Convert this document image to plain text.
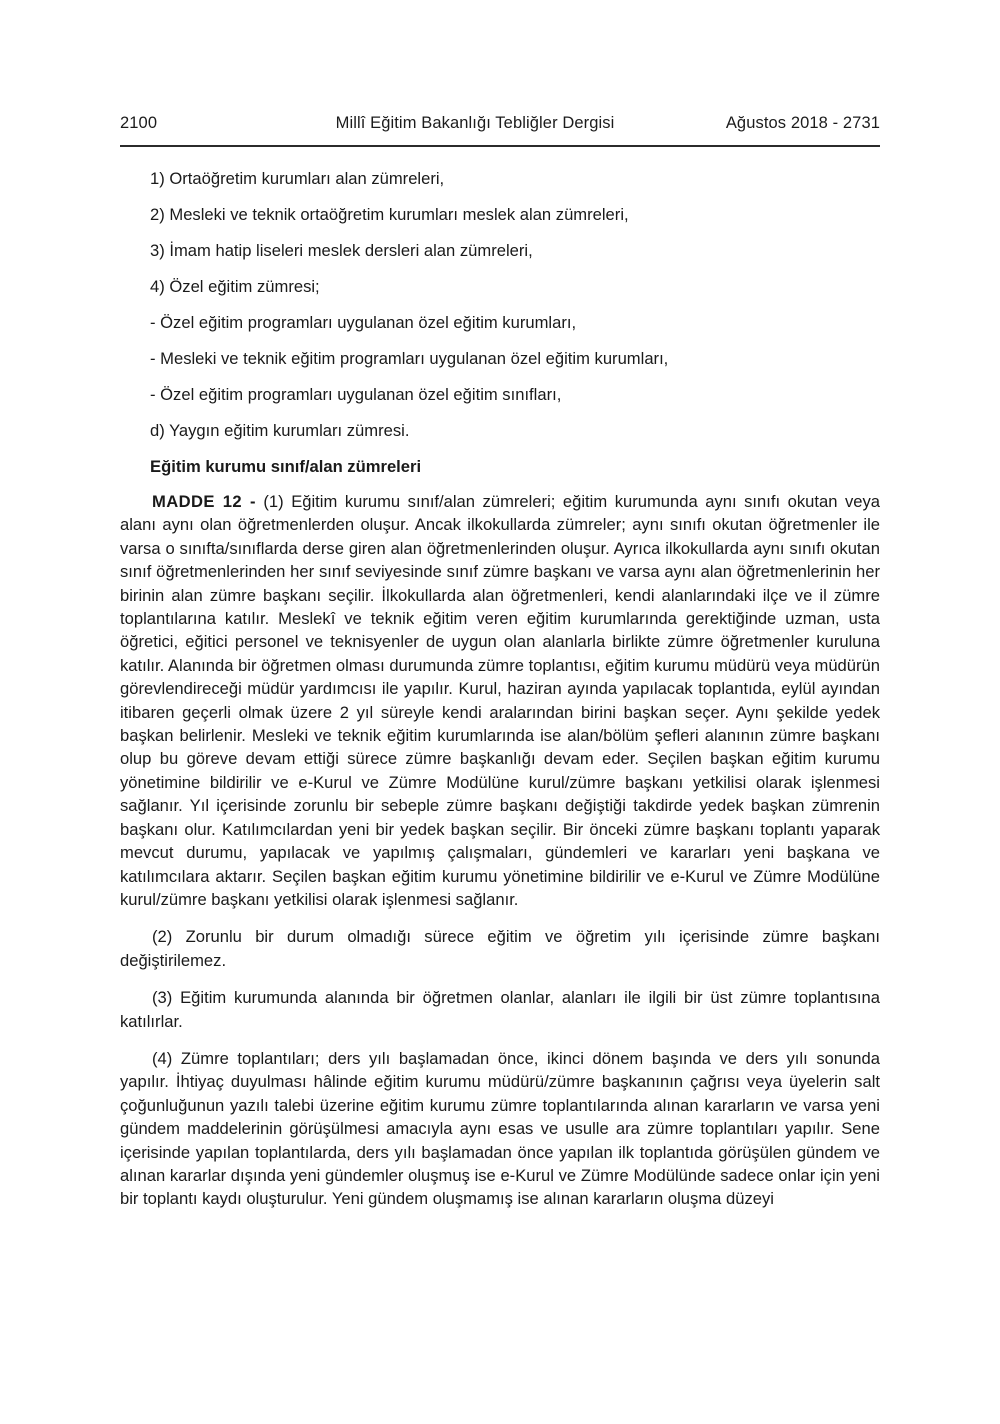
2100	Millî Eğitim Bakanlığı Tebliğler Dergisi	Ağustos 2018 - 2731

1) Ortaöğretim kurumları alan zümreleri,

2) Mesleki ve teknik ortaöğretim kurumları meslek alan zümreleri,

3) İmam hatip liseleri meslek dersleri alan zümreleri,

4) Özel eğitim zümresi;

- Özel eğitim programları uygulanan özel eğitim kurumları,

- Mesleki ve teknik eğitim programları uygulanan özel eğitim kurumları,

- Özel eğitim programları uygulanan özel eğitim sınıfları,

d) Yaygın eğitim kurumları zümresi.

Eğitim kurumu sınıf/alan zümreleri

MADDE 12 - (1) Eğitim kurumu sınıf/alan zümreleri; eğitim kurumunda aynı sınıfı okutan veya alanı aynı olan öğretmenlerden oluşur. Ancak ilkokullarda zümreler; aynı sınıfı okutan öğretmenler ile varsa o sınıfta/sınıflarda derse giren alan öğretmenlerinden oluşur. Ayrıca ilkokullarda aynı sınıfı okutan sınıf öğretmenlerinden her sınıf seviyesinde sınıf zümre başkanı ve varsa aynı alan öğretmenlerinin her birinin alan zümre başkanı seçilir. İlkokullarda alan öğretmenleri, kendi alanlarındaki ilçe ve il zümre toplantılarına katılır. Meslekî ve teknik eğitim veren eğitim kurumlarında gerektiğinde uzman, usta öğretici, eğitici personel ve teknisyenler de uygun olan alanlarla birlikte zümre öğretmenler kuruluna katılır. Alanında bir öğretmen olması durumunda zümre toplantısı, eğitim kurumu müdürü veya müdürün görevlendireceği müdür yardımcısı ile yapılır. Kurul, haziran ayında yapılacak toplantıda, eylül ayından itibaren geçerli olmak üzere 2 yıl süreyle kendi aralarından birini başkan seçer. Aynı şekilde yedek başkan belirlenir. Mesleki ve teknik eğitim kurumlarında ise alan/bölüm şefleri alanının zümre başkanı olup bu göreve devam ettiği sürece zümre başkanlığı devam eder. Seçilen başkan eğitim kurumu yönetimine bildirilir ve e-Kurul ve Zümre Modülüne kurul/zümre başkanı yetkilisi olarak işlenmesi sağlanır. Yıl içerisinde zorunlu bir sebeple zümre başkanı değiştiği takdirde yedek başkan zümrenin başkanı olur. Katılımcılardan yeni bir yedek başkan seçilir. Bir önceki zümre başkanı toplantı yaparak mevcut durumu, yapılacak ve yapılmış çalışmaları, gündemleri ve kararları yeni başkana ve katılımcılara aktarır. Seçilen başkan eğitim kurumu yönetimine bildirilir ve e-Kurul ve Zümre Modülüne kurul/zümre başkanı yetkilisi olarak işlenmesi sağlanır.

(2) Zorunlu bir durum olmadığı sürece eğitim ve öğretim yılı içerisinde zümre başkanı değiştirilemez.

(3) Eğitim kurumunda alanında bir öğretmen olanlar, alanları ile ilgili bir üst zümre toplantısına katılırlar.

(4) Zümre toplantıları; ders yılı başlamadan önce, ikinci dönem başında ve ders yılı sonunda yapılır. İhtiyaç duyulması hâlinde eğitim kurumu müdürü/zümre başkanının çağrısı veya üyelerin salt çoğunluğunun yazılı talebi üzerine eğitim kurumu zümre toplantılarında alınan kararların ve varsa yeni gündem maddelerinin görüşülmesi amacıyla aynı esas ve usulle ara zümre toplantıları yapılır. Sene içerisinde yapılan toplantılarda, ders yılı başlamadan önce yapılan ilk toplantıda görüşülen gündem ve alınan kararlar dışında yeni gündemler oluşmuş ise e-Kurul ve Zümre Modülünde sadece onlar için yeni bir toplantı kaydı oluşturulur. Yeni gündem oluşmamış ise alınan kararların oluşma düzeyi
